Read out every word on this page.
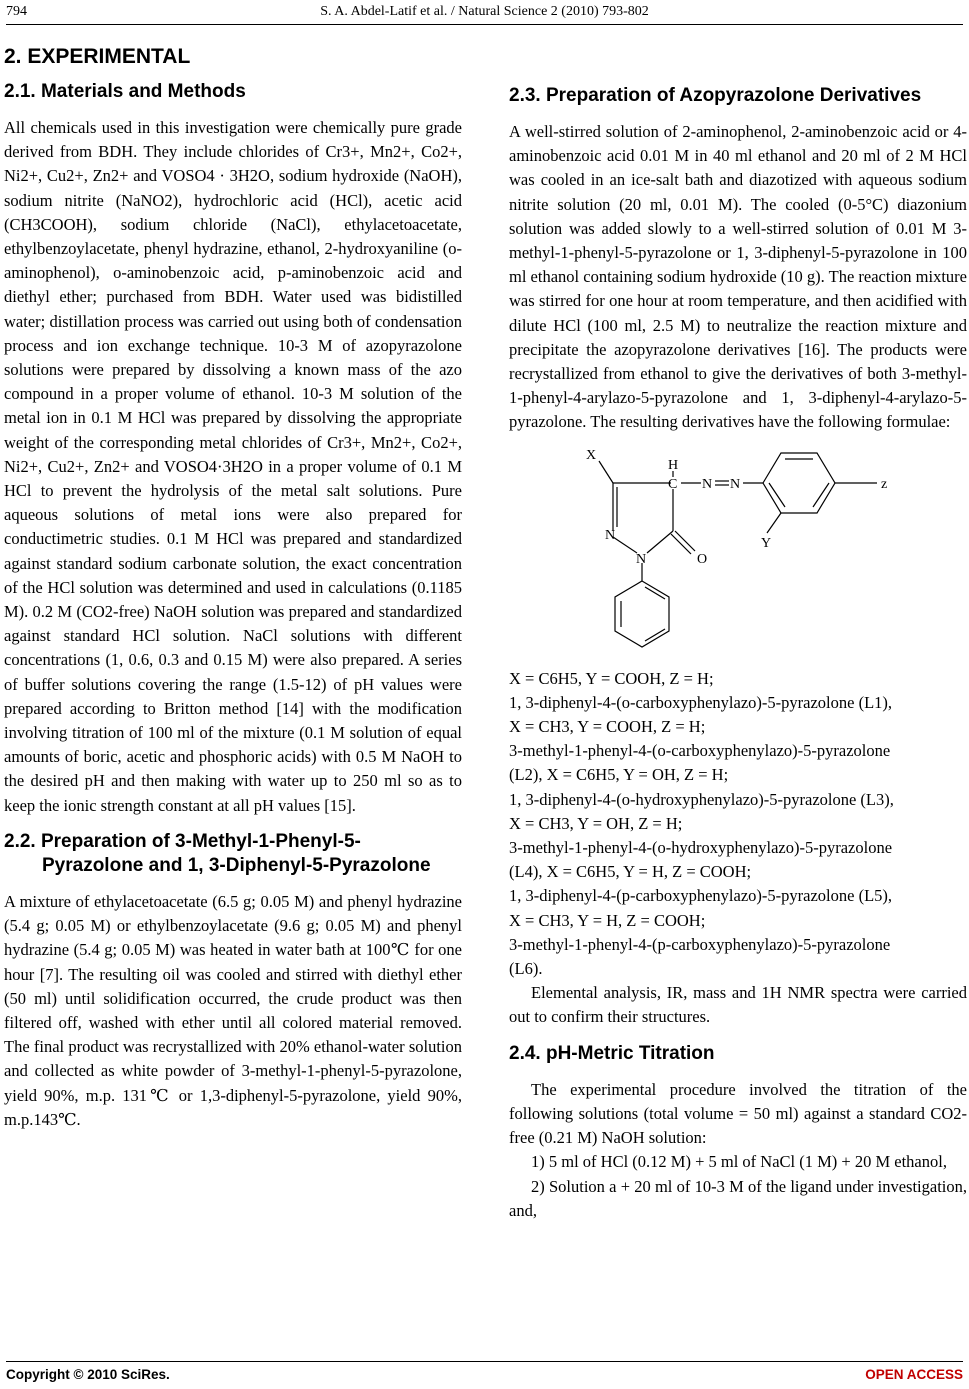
794	S. A. Abdel-Latif et al. / Natural Science 2 (2010) 793-802
2. EXPERIMENTAL
2.1. Materials and Methods

All chemicals used in this investigation were chemically pure grade derived from BDH. They include chlorides of Cr3+, Mn2+, Co2+, Ni2+, Cu2+, Zn2+ and VOSO4 · 3H2O, sodium hydroxide (NaOH), sodium nitrite (NaNO2), hydrochloric acid (HCl), acetic acid (CH3COOH), sodium chloride (NaCl), ethylacetoacetate, ethylbenzoylacetate, phenyl hydrazine, ethanol, 2-hydroxyaniline (o-aminophenol), o-aminobenzoic acid, p-aminobenzoic acid and diethyl ether; purchased from BDH. Water used was bidistilled water; distillation process was carried out using both of condensation process and ion exchange technique. 10-3 M of azopyrazolone solutions were prepared by dissolving a known mass of the azo compound in a proper volume of ethanol. 10-3 M solution of the metal ion in 0.1 M HCl was prepared by dissolving the appropriate weight of the corresponding metal chlorides of Cr3+, Mn2+, Co2+, Ni2+, Cu2+, Zn2+ and VOSO4·3H2O in a proper volume of 0.1 M HCl to prevent the hydrolysis of the metal salt solutions. Pure aqueous solutions of metal ions were also prepared for conductimetric studies. 0.1 M HCl was prepared and standardized against standard sodium carbonate solution, the exact concentration of the HCl solution was determined and used in calculations (0.1185 M). 0.2 M (CO2-free) NaOH solution was prepared and standardized against standard HCl solution. NaCl solutions with different concentrations (1, 0.6, 0.3 and 0.15 M) were also prepared. A series of buffer solutions covering the range (1.5-12) of pH values were prepared according to Britton method [14] with the modification involving titration of 100 ml of the mixture (0.1 M solution of equal amounts of boric, acetic and phosphoric acids) with 0.5 M NaOH to the desired pH and then making with water up to 250 ml so as to keep the ionic strength constant at all pH values [15].

2.2. Preparation of 3-Methyl-1-Phenyl-5-Pyrazolone and 1, 3-Diphenyl-5-Pyrazolone

A mixture of ethylacetoacetate (6.5 g; 0.05 M) and phenyl hydrazine (5.4 g; 0.05 M) or ethylbenzoylacetate (9.6 g; 0.05 M) and phenyl hydrazine (5.4 g; 0.05 M) was heated in water bath at 100℃ for one hour [7]. The resulting oil was cooled and stirred with diethyl ether (50 ml) until solidification occurred, the crude product was then filtered off, washed with ether until all colored material removed. The final product was recrystallized with 20% ethanol-water solution and collected as white powder of 3-methyl-1-phenyl-5-pyrazolone, yield 90%, m.p. 131℃ or 1,3-diphenyl-5-pyrazolone, yield 90%, m.p.143℃.

2.3. Preparation of Azopyrazolone Derivatives

A well-stirred solution of 2-aminophenol, 2-aminobenzoic acid or 4-aminobenzoic acid 0.01 M in 40 ml ethanol and 20 ml of 2 M HCl was cooled in an ice-salt bath and diazotized with aqueous sodium nitrite solution (20 ml, 0.01 M). The cooled (0-5°C) diazonium solution was added slowly to a well-stirred solution of 0.01 M 3-methyl-1-phenyl-5-pyrazolone or 1, 3-diphenyl-5-pyrazolone in 100 ml ethanol containing sodium hydroxide (10 g). The reaction mixture was stirred for one hour at room temperature, and then acidified with dilute HCl (100 ml, 2.5 M) to neutralize the reaction mixture and precipitate the azopyrazolone derivatives [16]. The products were recrystallized from ethanol to give the derivatives of both 3-methyl-1-phenyl-4-arylazo-5-pyrazolone and 1, 3-diphenyl-4-arylazo-5-pyrazolone. The resulting derivatives have the following formulae:

X
H
C N N	z
N
N	O
Y

X = C6H5, Y = COOH, Z = H;

1, 3-diphenyl-4-(o-carboxyphenylazo)-5-pyrazolone (L1),

X = CH3, Y = COOH, Z = H;

3-methyl-1-phenyl-4-(o-carboxyphenylazo)-5-pyrazolone

(L2), X = C6H5, Y = OH, Z = H;

1, 3-diphenyl-4-(o-hydroxyphenylazo)-5-pyrazolone (L3),

X = CH3, Y = OH, Z = H;

3-methyl-1-phenyl-4-(o-hydroxyphenylazo)-5-pyrazolone

(L4), X = C6H5, Y = H, Z = COOH;

1, 3-diphenyl-4-(p-carboxyphenylazo)-5-pyrazolone (L5),

X = CH3, Y = H, Z = COOH;

3-methyl-1-phenyl-4-(p-carboxyphenylazo)-5-pyrazolone

(L6).

Elemental analysis, IR, mass and 1H NMR spectra were carried out to confirm their structures.

2.4. pH-Metric Titration

The experimental procedure involved the titration of the following solutions (total volume = 50 ml) against a standard CO2-free (0.21 M) NaOH solution:

1) 5 ml of HCl (0.12 M) + 5 ml of NaCl (1 M) + 20 M ethanol,

2) Solution a + 20 ml of 10-3 M of the ligand under investigation, and,

Copyright © 2010 SciRes.	OPEN ACCESS
